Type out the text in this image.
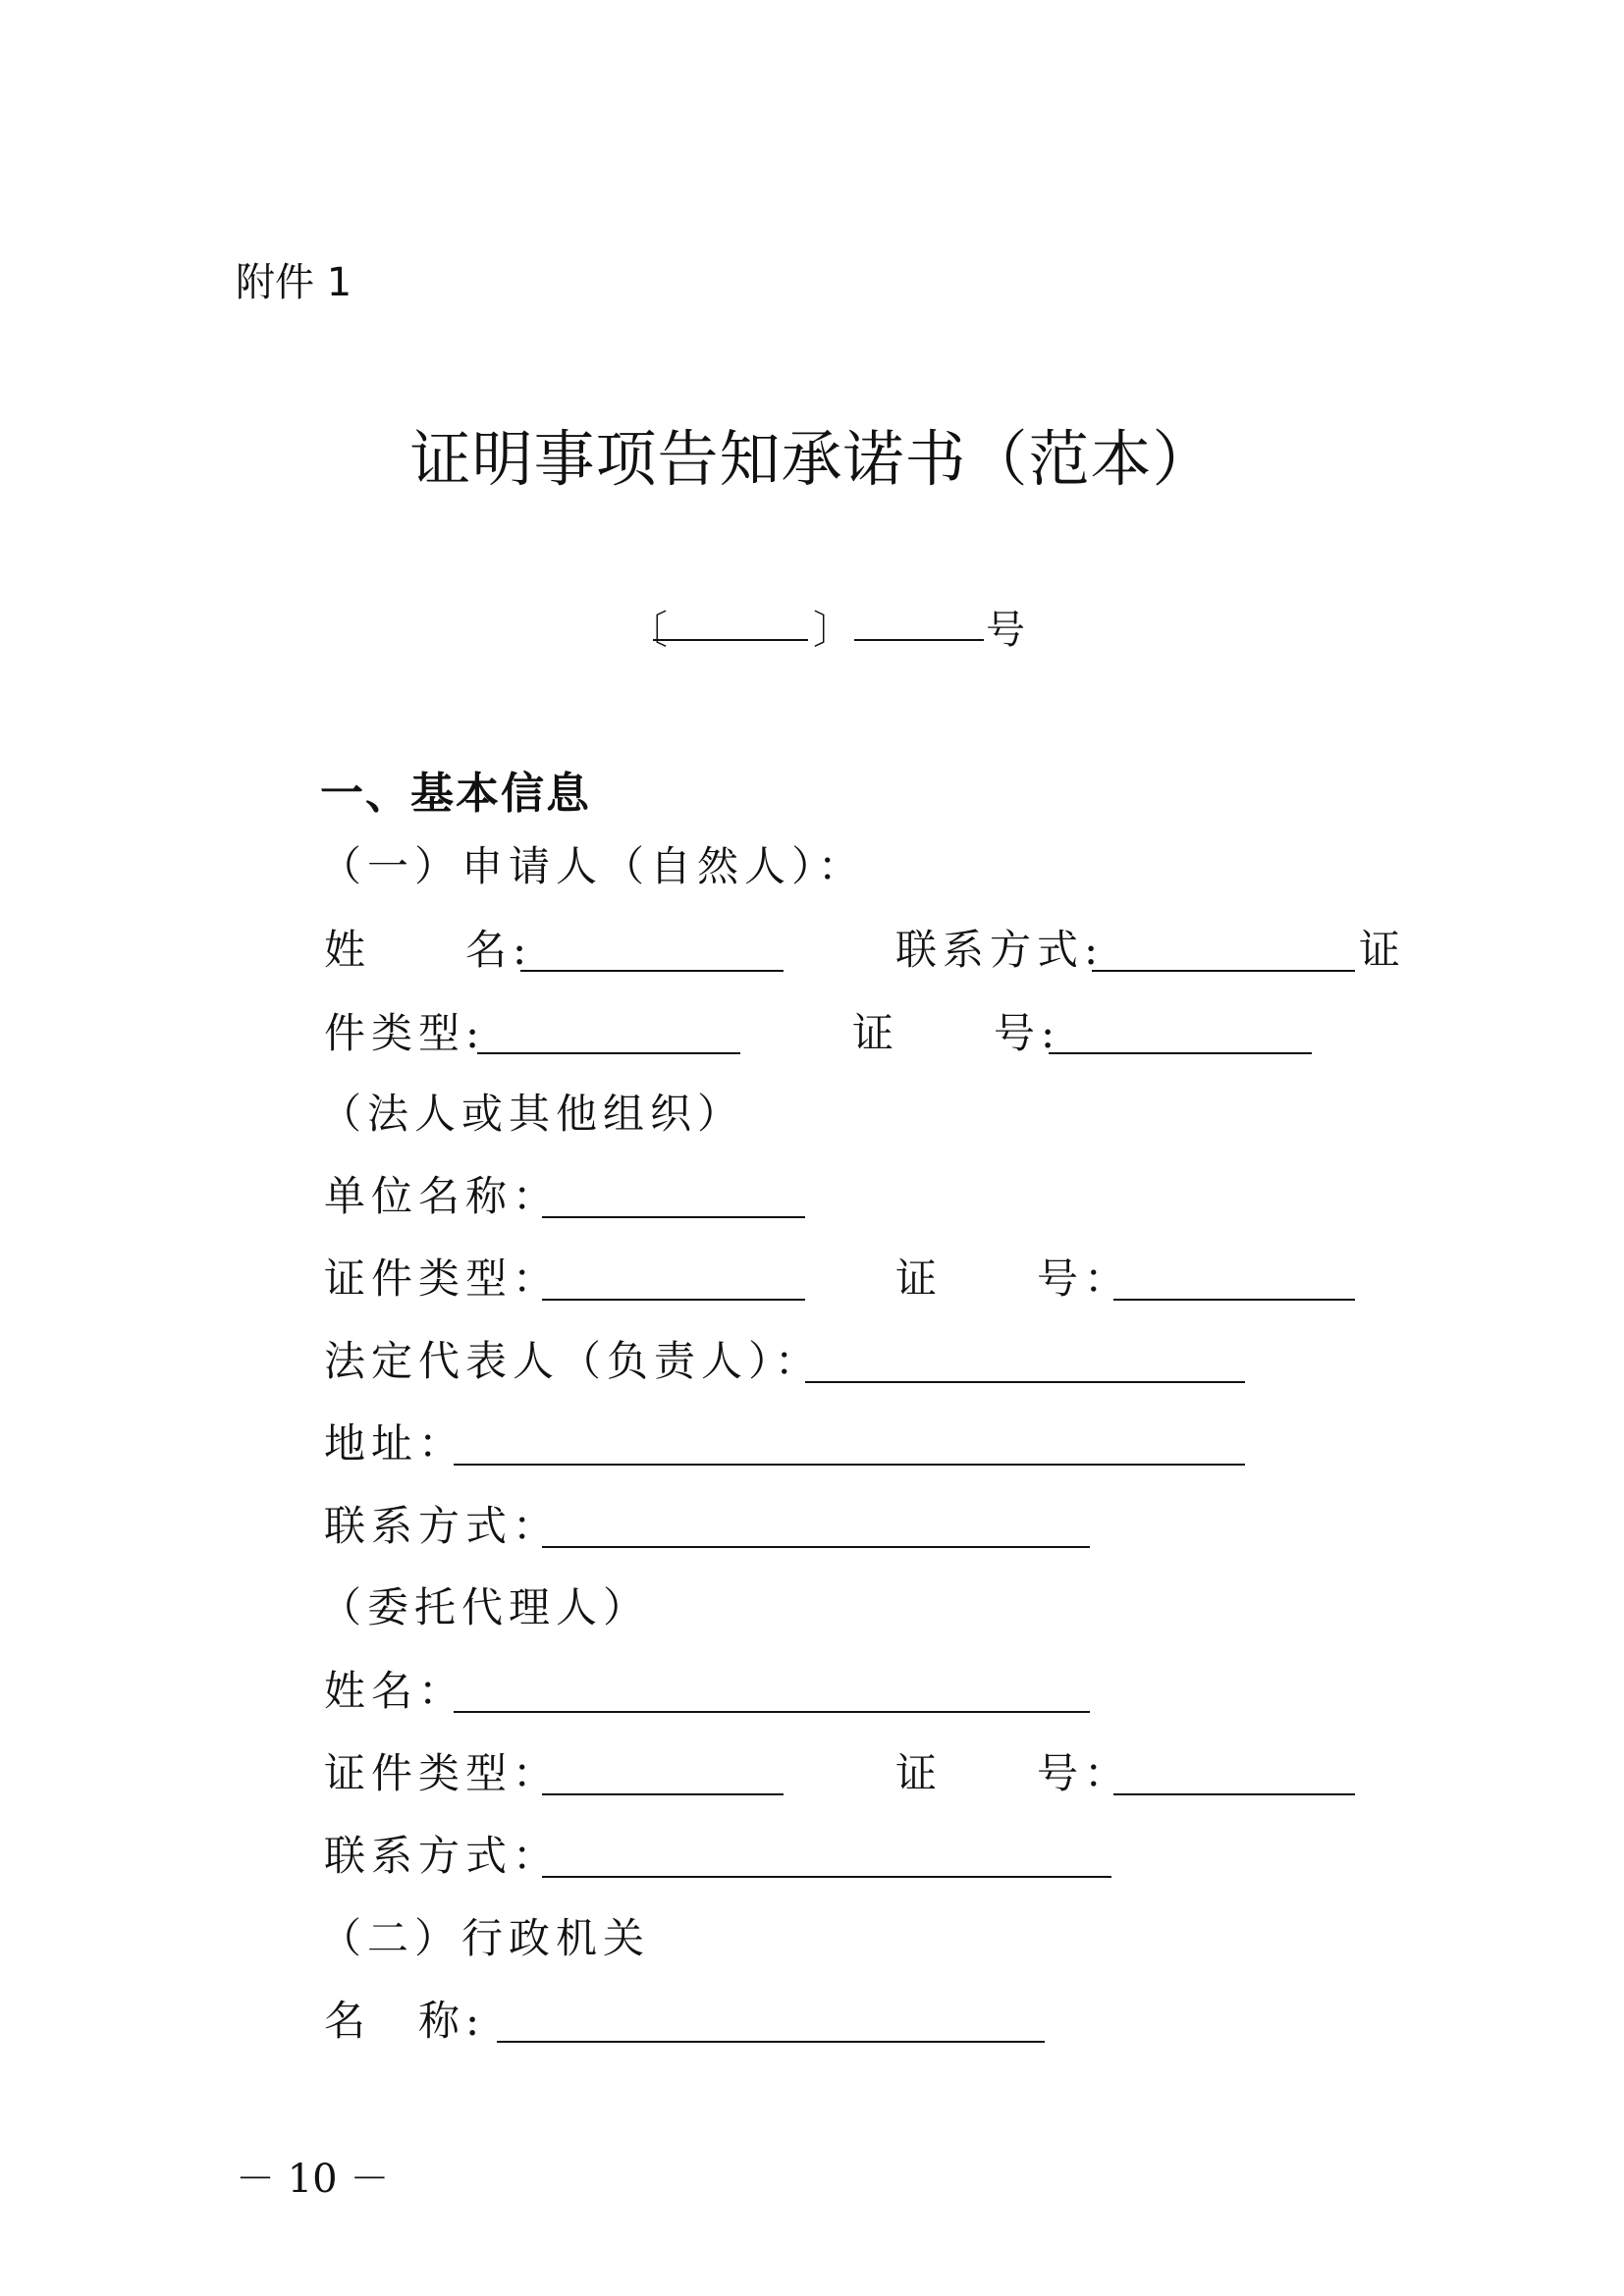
附件 1
证明事项告知承诺书（范本）
〔	〕	号
一、基本信息
（一）申请人（自然人）：
姓　　名:	联系方式:	证
件类型:	证　　号:
（法人或其他组织）
单位名称：
证件类型：	证　　号：
法定代表人（负责人）：
地址：
联系方式：
（委托代理人）
姓名：
证件类型：	证　　号：
联系方式：
（二）行政机关
名　称:
－ 10 －
